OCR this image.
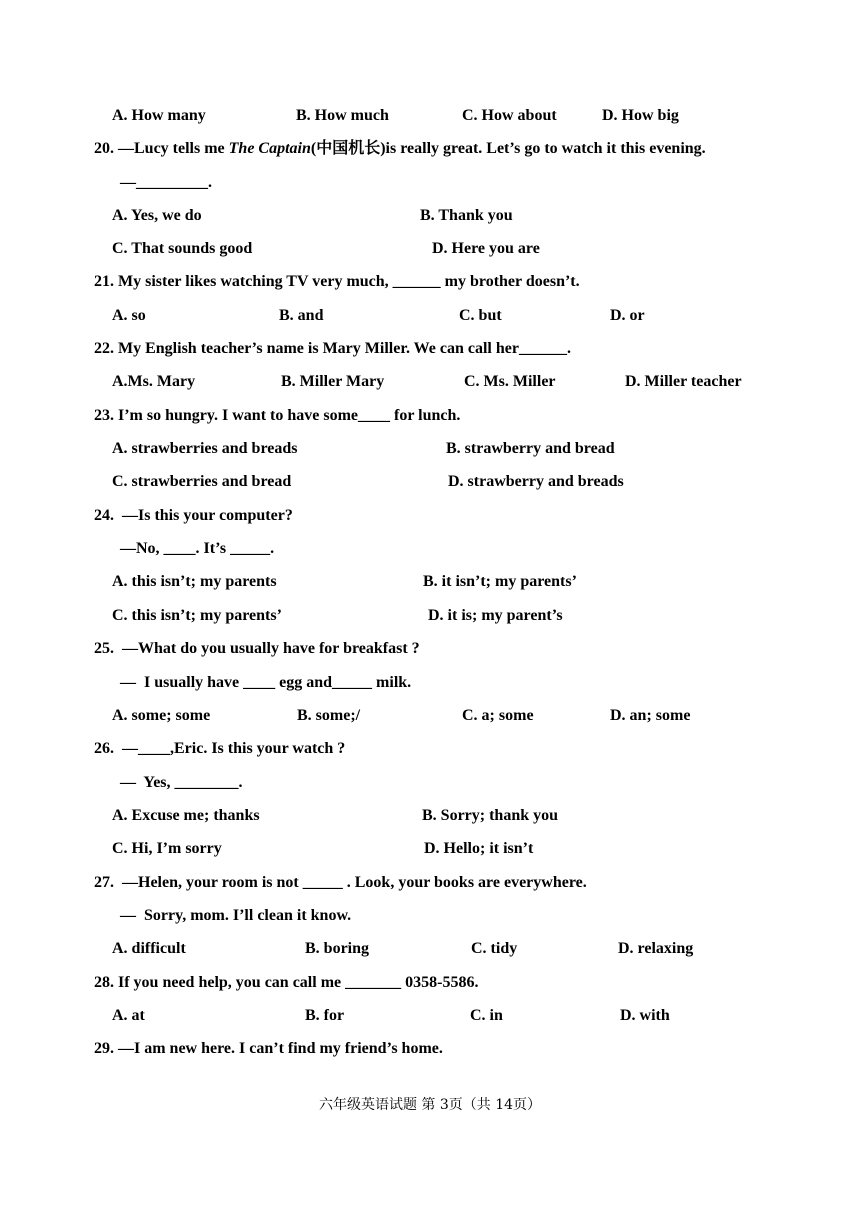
A. How many	B. How much	C. How about	D. How big
20. —Lucy tells me The Captain(中国机长)is really great. Let’s go to watch it this evening.
—_________.
A. Yes, we do	B. Thank you
C. That sounds good	D. Here you are
21. My sister likes watching TV very much, ______ my brother doesn’t.
A. so	B. and	C. but	D. or
22. My English teacher’s name is Mary Miller. We can call her______.
A.Ms. Mary	B. Miller Mary	C. Ms. Miller	D. Miller teacher
23. I’m so hungry. I want to have some____ for lunch.
A. strawberries and breads	B. strawberry and bread
C. strawberries and bread	D. strawberry and breads
24.  —Is this your computer?
—No, ____. It’s _____.
A. this isn’t; my parents	B. it isn’t; my parents’
C. this isn’t; my parents’	D. it is; my parent’s
25.  —What do you usually have for breakfast ?
—  I usually have ____ egg and_____ milk.
A. some; some	B. some;/	C. a; some	D. an; some
26.  —____,Eric. Is this your watch ?
—  Yes, ________.
A. Excuse me; thanks	B. Sorry; thank you
C. Hi, I’m sorry	D. Hello; it isn’t
27.  —Helen, your room is not _____ . Look, your books are everywhere.
—  Sorry, mom. I’ll clean it know.
A. difficult	B. boring	C. tidy	D. relaxing
28. If you need help, you can call me _______ 0358-5586.
A. at	B. for	C. in	D. with
29. —I am new here. I can’t find my friend’s home.
六年级英语试题 第 3页（共 14页）
